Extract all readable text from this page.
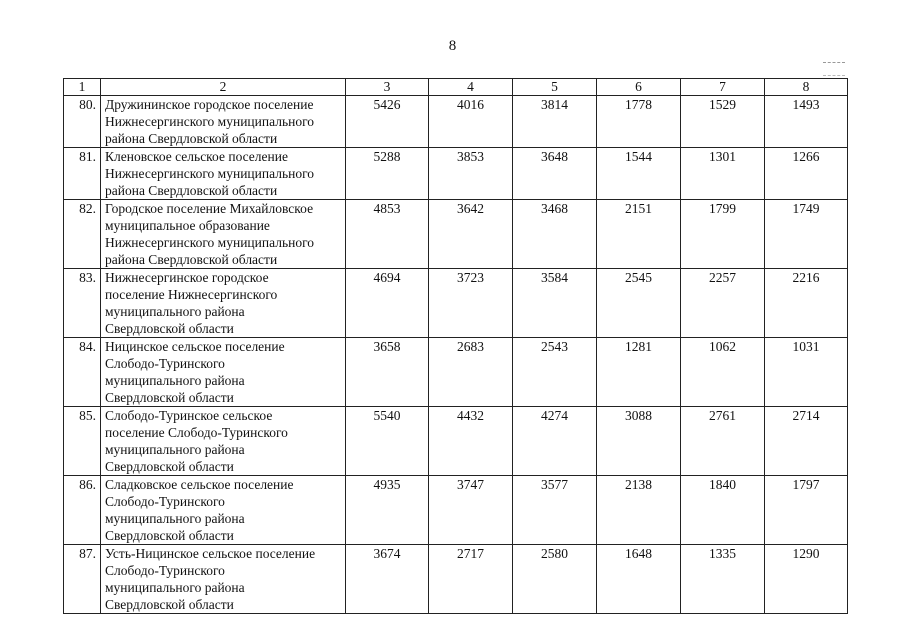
8
1	2	3	4	5	6	7	8
80.	Дружининское городское поселение
Нижнесергинского муниципального
района Свердловской области	5426	4016	3814	1778	1529	1493
81.	Кленовское сельское поселение
Нижнесергинского муниципального
района Свердловской области	5288	3853	3648	1544	1301	1266
82.	Городское поселение Михайловское
муниципальное образование
Нижнесергинского муниципального
района Свердловской области	4853	3642	3468	2151	1799	1749
83.	Нижнесергинское городское
поселение Нижнесергинского
муниципального района
Свердловской области	4694	3723	3584	2545	2257	2216
84.	Ницинское сельское поселение
Слободо-Туринского
муниципального района
Свердловской области	3658	2683	2543	1281	1062	1031
85.	Слободо-Туринское сельское
поселение Слободо-Туринского
муниципального района
Свердловской области	5540	4432	4274	3088	2761	2714
86.	Сладковское сельское поселение
Слободо-Туринского
муниципального района
Свердловской области	4935	3747	3577	2138	1840	1797
87.	Усть-Ницинское сельское поселение
Слободо-Туринского
муниципального района
Свердловской области	3674	2717	2580	1648	1335	1290
